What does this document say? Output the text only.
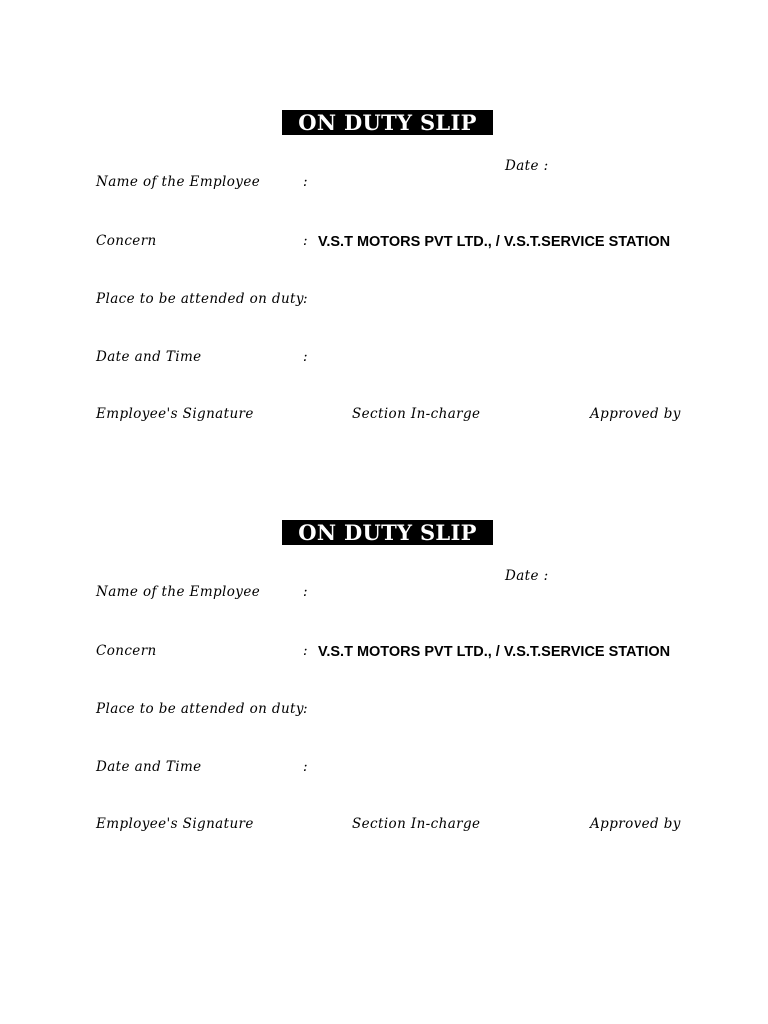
ON DUTY SLIP
Date :
Name of the Employee	:
Concern	: V.S.T MOTORS PVT LTD., / V.S.T.SERVICE STATION
Place to be attended on duty :
Date and Time	:
Employee's Signature	Section In-charge	Approved by
ON DUTY SLIP
Date :
Name of the Employee	:
Concern	: V.S.T MOTORS PVT LTD., / V.S.T.SERVICE STATION
Place to be attended on duty :
Date and Time	:
Employee's Signature	Section In-charge	Approved by
